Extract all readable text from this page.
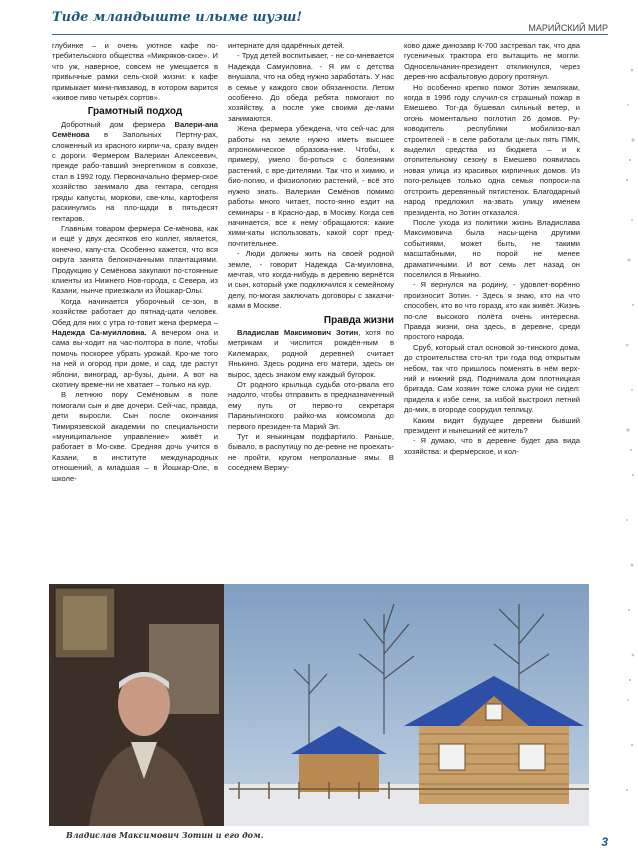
Тиде мландыште илыме шуэш!
МАРИЙСКИЙ МИР

глубинке – и очень уютное кафе по-требительского общества «Микряков-ское». И что уж, наверное, совсем не умещается в привычные рамки сель-ской жизни: к кафе примыкает мини-пивзавод, в котором варится «живое пиво четырёх сортов».

Грамотный подход

Добротный дом фермера Валери-ана Семёнова в Запольных Пертну-рах, сложенный из красного кирпи-ча, сразу виден с дороги. Фермером Валериан Алексеевич, прежде рабо-тавший энергетиком в совхозе, стал в 1992 году. Первоначально фермер-ское хозяйство занимало два гектара, сегодня гряды капусты, моркови, све-клы, картофеля раскинулись на пло-щади в пятьдесят гектаров.

Главным товаром фермера Се-мёнова, как и ещё у двух десятков его коллег, является, конечно, капу-ста. Особенно кажется, что вся округа занята белокочанными плантациями. Продукцию у Семёнова закупают по-стоянные клиенты из Нижнего Нов-города, с Севера, из Казани, нынче приезжали из Йошкар-Олы.

Когда начинается уборочный се-зон, в хозяйстве работает до пятнад-цати человек. Обед для них с утра го-товит жена фермера – Надежда Са-муилловна. А вечером она и сама вы-ходит на час-полтора в поле, чтобы помочь поскорее убрать урожай. Кро-ме того на ней и огород при доме, и сад, где растут яблони, виноград, ар-бузы, дыни. А вот на скотину време-ни не хватает – только на кур.

В летнюю пору Семёновым в поле помогали сын и две дочери. Сей-час, правда, дети выросли. Сын после окончания Тимирязевской академии по специальности «муниципальное управление» живёт и работает в Мо-скве. Средняя дочь учится в Казани, в институте международных отношений, а младшая – в Йошкар-Оле, в школе-

интернате для одарённых детей.

- Труд детей воспитывает, - не со-мневается Надежда Самуиловна. - Я им с детства внушала, что на обед нужно заработать. У нас в семье у каждого свои обязанности. Летом особенно. До обеда ребята помогают по хозяйству, а после уже своими де-лами занимаются.

Жена фермера убеждена, что сей-час для работы на земле нужно иметь высшее агрономическое образова-ние. Чтобы, к примеру, умело бо-роться с болезнями растений, с вре-дителями. Так что и химию, и био-логию, и физиологию растений, - всё это нужно знать. Валериан Семёнов помимо работы много читает, посто-янно ездит на семинары - в Красно-дар, в Москву. Когда сев начинается, все к нему обращаются: какие хими-каты использовать, какой сорт пред-почтительнее.

- Люди должны жить на своей родной земле, - говорит Надежда Са-муиловна, мечтая, что когда-нибудь в деревню вернётся и сын, который уже подключился к семейному делу, по-могая заключать договоры с заказчи-ками в Москве.

Правда жизни

Владислав Максимович Зотин, хотя по метрикам и числится рождён-ным в Килемарах, родной деревней считает Янькино. Здесь родина его матери, здесь он вырос, здесь знаком ему каждый бугорок.

От родного крыльца судьба ото-рвала его надолго, чтобы отправить в предназначенный ему путь от перво-го секретаря Параньгинского райко-ма комсомола до первого президен-та Марий Эл.

Тут и янькинцам подфартило. Раньше, бывало, в распутицу по де-ревне не проехать-не пройти, кругом непролазные ямы. В соседнем Вержу-

ково даже динозавр К-700 застревал так, что два гусеничных трактора его вытащить не могли. Односельчанин-президент откликнулся, через дерев-ню асфальтовую дорогу протянул.

Но особенно крепко помог Зотин землякам, когда в 1996 году случил-ся страшный пожар в Емешево. Тог-да бушевал сильный ветер, и огонь моментально поглотил 26 домов. Ру-ководитель республики мобилизо-вал строителей - в селе работали це-лых пять ПМК, выделил средства из бюджета – и к отопительному сезону в Емешево появилась новая улица из красивых кирпичных домов. Из пого-рельцев только одна семья попроси-ла отстроить деревянный пятистенок. Благодарный народ предложил на-звать улицу именем президента, но Зотин отказался.

После ухода из политики жизнь Владислава Максимовича была насы-щена другими событиями, может быть, не такими масштабными, но порой не менее драматичными. И вот семь лет назад он поселился в Янькино.

- Я вернулся на родину, - удовлет-ворённо произносит Зотин. - Здесь я знаю, кто на что способен, кто во что горазд, кто как живёт. Жизнь по-сле высокого полёта очень интересна. Правда жизни, она здесь, в деревне, среди простого народа.

Сруб, который стал основой зо-тинского дома, до строительства сто-ял три года под открытым небом, так что пришлось поменять в нём верх-ний и нижний ряд. Поднимала дом плотницкая бригада. Сам хозяин тоже сложа руки не сидел: придела к избе сени, за избой выстроил летний до-мик, в огороде соорудил теплицу.

Каким видит будущее деревни бывший президент и нынешний её житель?

- Я думаю, что в деревне будет два вида хозяйства: и фермерское, и кол-

Владислав Максимович Зотин и его дом.	3
